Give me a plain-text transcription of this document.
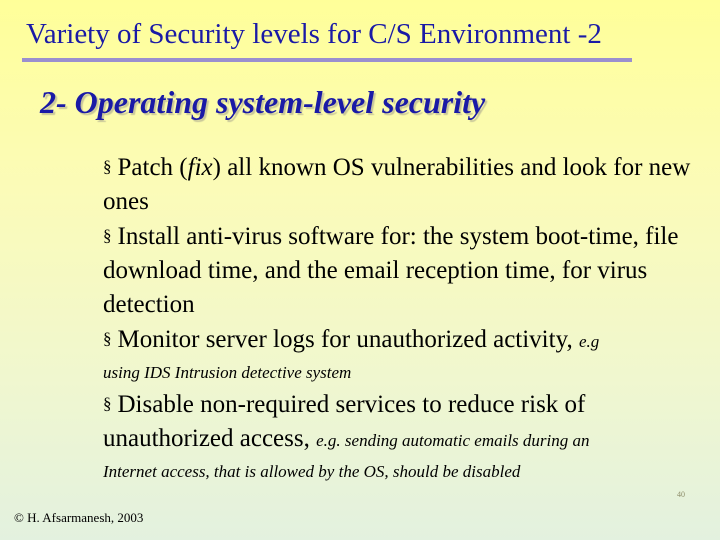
Variety of Security levels for C/S Environment -2
2- Operating system-level security
§ Patch (fix) all known OS vulnerabilities and look for new ones
§ Install anti-virus software for: the system boot-time, file download time, and the email reception time, for virus detection
§ Monitor server logs for unauthorized activity, e.g
using IDS Intrusion detective system
§ Disable non-required services to reduce risk of unauthorized access, e.g. sending automatic emails during an
Internet access, that is allowed by the OS, should be disabled
© H. Afsarmanesh, 2003
40
